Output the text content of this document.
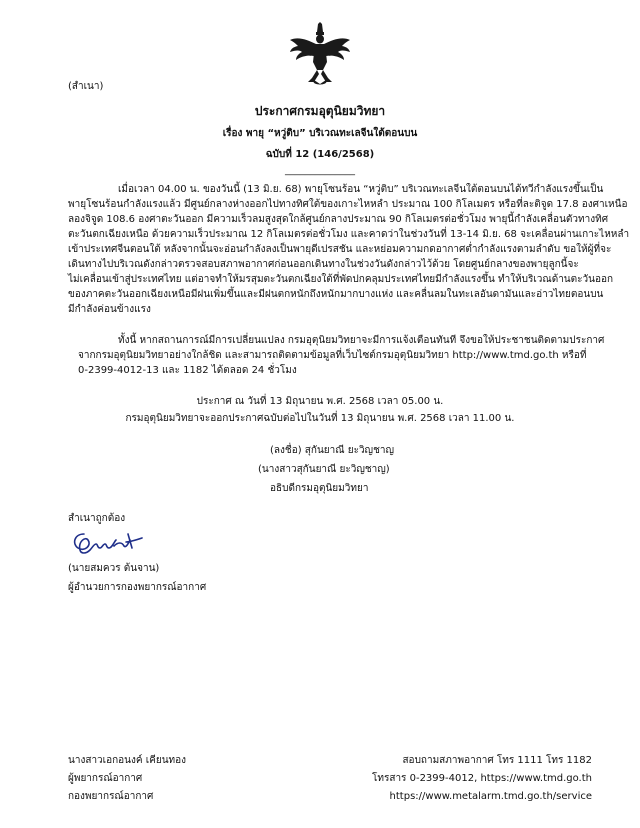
(สำเนา)
ประกาศกรมอุตุนิยมวิทยา
เรื่อง พายุ “หวู่ติบ” บริเวณทะเลจีนใต้ตอนบน
ฉบับที่ 12 (146/2568)
______________
เมื่อเวลา 04.00 น. ของวันนี้ (13 มิ.ย. 68) พายุโซนร้อน “หวู่ติบ” บริเวณทะเลจีนใต้ตอนบนได้ทวีกำลังแรงขึ้นเป็น
พายุโซนร้อนกำลังแรงแล้ว มีศูนย์กลางห่างออกไปทางทิศใต้ของเกาะไหหลำ ประมาณ 100 กิโลเมตร หรือที่ละติจูด 17.8 องศาเหนือ
ลองจิจูด 108.6 องศาตะวันออก มีความเร็วลมสูงสุดใกล้ศูนย์กลางประมาณ 90 กิโลเมตรต่อชั่วโมง พายุนี้กำลังเคลื่อนตัวทางทิศ
ตะวันตกเฉียงเหนือ ด้วยความเร็วประมาณ 12 กิโลเมตรต่อชั่วโมง และคาดว่าในช่วงวันที่ 13-14 มิ.ย. 68 จะเคลื่อนผ่านเกาะไหหลำ
เข้าประเทศจีนตอนใต้ หลังจากนั้นจะอ่อนกำลังลงเป็นพายุดีเปรสชัน และหย่อมความกดอากาศต่ำกำลังแรงตามลำดับ ขอให้ผู้ที่จะ
เดินทางไปบริเวณดังกล่าวตรวจสอบสภาพอากาศก่อนออกเดินทางในช่วงวันดังกล่าวไว้ด้วย โดยศูนย์กลางของพายุลูกนี้จะ
ไม่เคลื่อนเข้าสู่ประเทศไทย แต่อาจทำให้มรสุมตะวันตกเฉียงใต้ที่พัดปกคลุมประเทศไทยมีกำลังแรงขึ้น ทำให้บริเวณด้านตะวันออก
ของภาคตะวันออกเฉียงเหนือมีฝนเพิ่มขึ้นและมีฝนตกหนักถึงหนักมากบางแห่ง และคลื่นลมในทะเลอันดามันและอ่าวไทยตอนบน
มีกำลังค่อนข้างแรง
ทั้งนี้ หากสถานการณ์มีการเปลี่ยนแปลง กรมอุตุนิยมวิทยาจะมีการแจ้งเตือนทันที จึงขอให้ประชาชนติดตามประกาศ
จากกรมอุตุนิยมวิทยาอย่างใกล้ชิด และสามารถติดตามข้อมูลที่เว็บไซต์กรมอุตุนิยมวิทยา http://www.tmd.go.th หรือที่
0-2399-4012-13 และ 1182 ได้ตลอด 24 ชั่วโมง
ประกาศ ณ วันที่ 13 มิถุนายน พ.ศ. 2568 เวลา 05.00 น.
กรมอุตุนิยมวิทยาจะออกประกาศฉบับต่อไปในวันที่ 13 มิถุนายน พ.ศ. 2568 เวลา 11.00 น.
(ลงชื่อ) สุกันยาณี ยะวิญชาญ
(นางสาวสุกันยาณี ยะวิญชาญ)
อธิบดีกรมอุตุนิยมวิทยา
สำเนาถูกต้อง
(นายสมควร ต้นจาน)
ผู้อำนวยการกองพยากรณ์อากาศ
นางสาวเอกอนงค์ เคียนทอง
ผู้พยากรณ์อากาศ
กองพยากรณ์อากาศ
สอบถามสภาพอากาศ โทร 1111 โทร 1182
โทรสาร 0-2399-4012, https://www.tmd.go.th
https://www.metalarm.tmd.go.th/service
